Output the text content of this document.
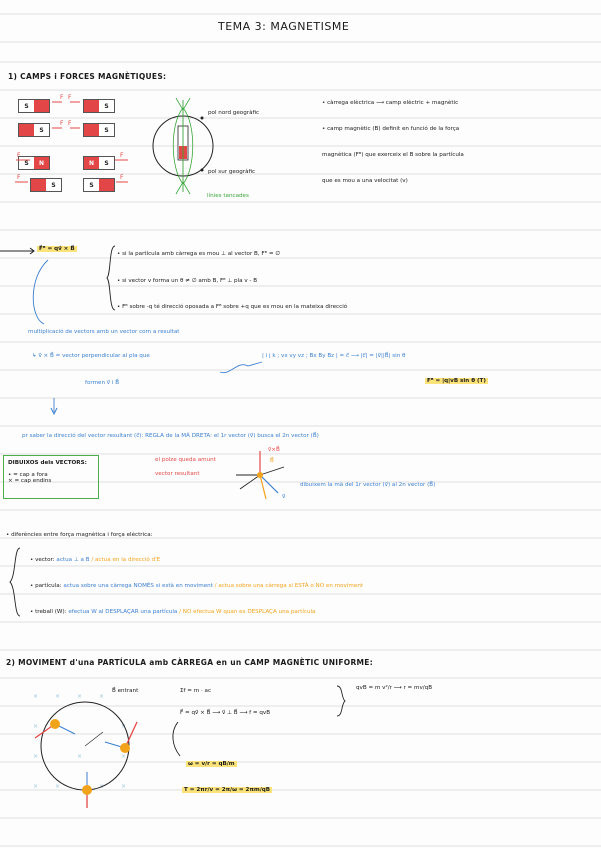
TEMA 3: MAGNETISME
1) CAMPS i FORCES MAGNÈTIQUES:
S	S
S	S
S	N	N	S
S	S
F F
F F
F	F
F	F
pol nord geogràfic
pol sur geogràfic
línies tancades
• càrrega elèctrica ⟶ camp elèctric + magnètic
• camp magnètic (B) definit en funció de la força
magnètica (Fᴮ) que exerceix el B sobre la partícula
que es mou a una velocitat (v)
F⃗ᴮ = qv⃗ × B⃗
• si la partícula amb càrrega es mou ⊥ al vector B, Fᴮ = ∅
• si vector v forma un θ ≠ ∅ amb B, Fᴮ ⊥ pla v - B
• Fᴮ sobre -q té direcció oposada a Fᴮ sobre +q que es mou en la mateixa direcció
multiplicació de vectors amb un vector com a resultat
↳ v⃗ × B⃗ = vector perpendicular al pla que
formen v⃗ i B⃗
| i j k ; vx vy vz ; Bx By Bz | = c⃗ ⟶ |c⃗| = |v⃗||B⃗| sin θ
Fᴮ = |q|vB sin θ (T)
pr saber la direcció del vector resultant (c⃗): REGLA de la MÀ DRETA: el 1r vector (v⃗) busca el 2n vector (B⃗)
DIBUIXOS dels VECTORS:
• = cap a fora
× = cap endins
el polze queda amunt
vector resultant
v⃗×B⃗
B⃗
v⃗
dibuixem la mà del 1r vector (v⃗) al 2n vector (B⃗)
• diferències entre força magnètica i força elèctrica:
• vector: actua ⊥ a B / actua en la direcció d'E
• partícula: actua sobre una càrrega NOMÉS si està en moviment / actua sobre una càrrega si ESTÀ o NO en moviment
• treball (W): efectua W al DESPLAÇAR una partícula / NO efectua W quan es DESPLAÇA una partícula
2) MOVIMENT d'una PARTÍCULA amb CÀRREGA en un CAMP MAGNÈTIC UNIFORME:
×	×	×	×
×	×
×	×	×
×	×	×	×
B⃗ entrant	Σf = m · ac
F⃗ = qv⃗ × B⃗ ⟶ v⃗ ⊥ B⃗ ⟶ f = qvB
qvB = m v²/r ⟶ r = mv/qB
ω = v/r = qB/m
T = 2πr/v = 2π/ω = 2πm/qB
